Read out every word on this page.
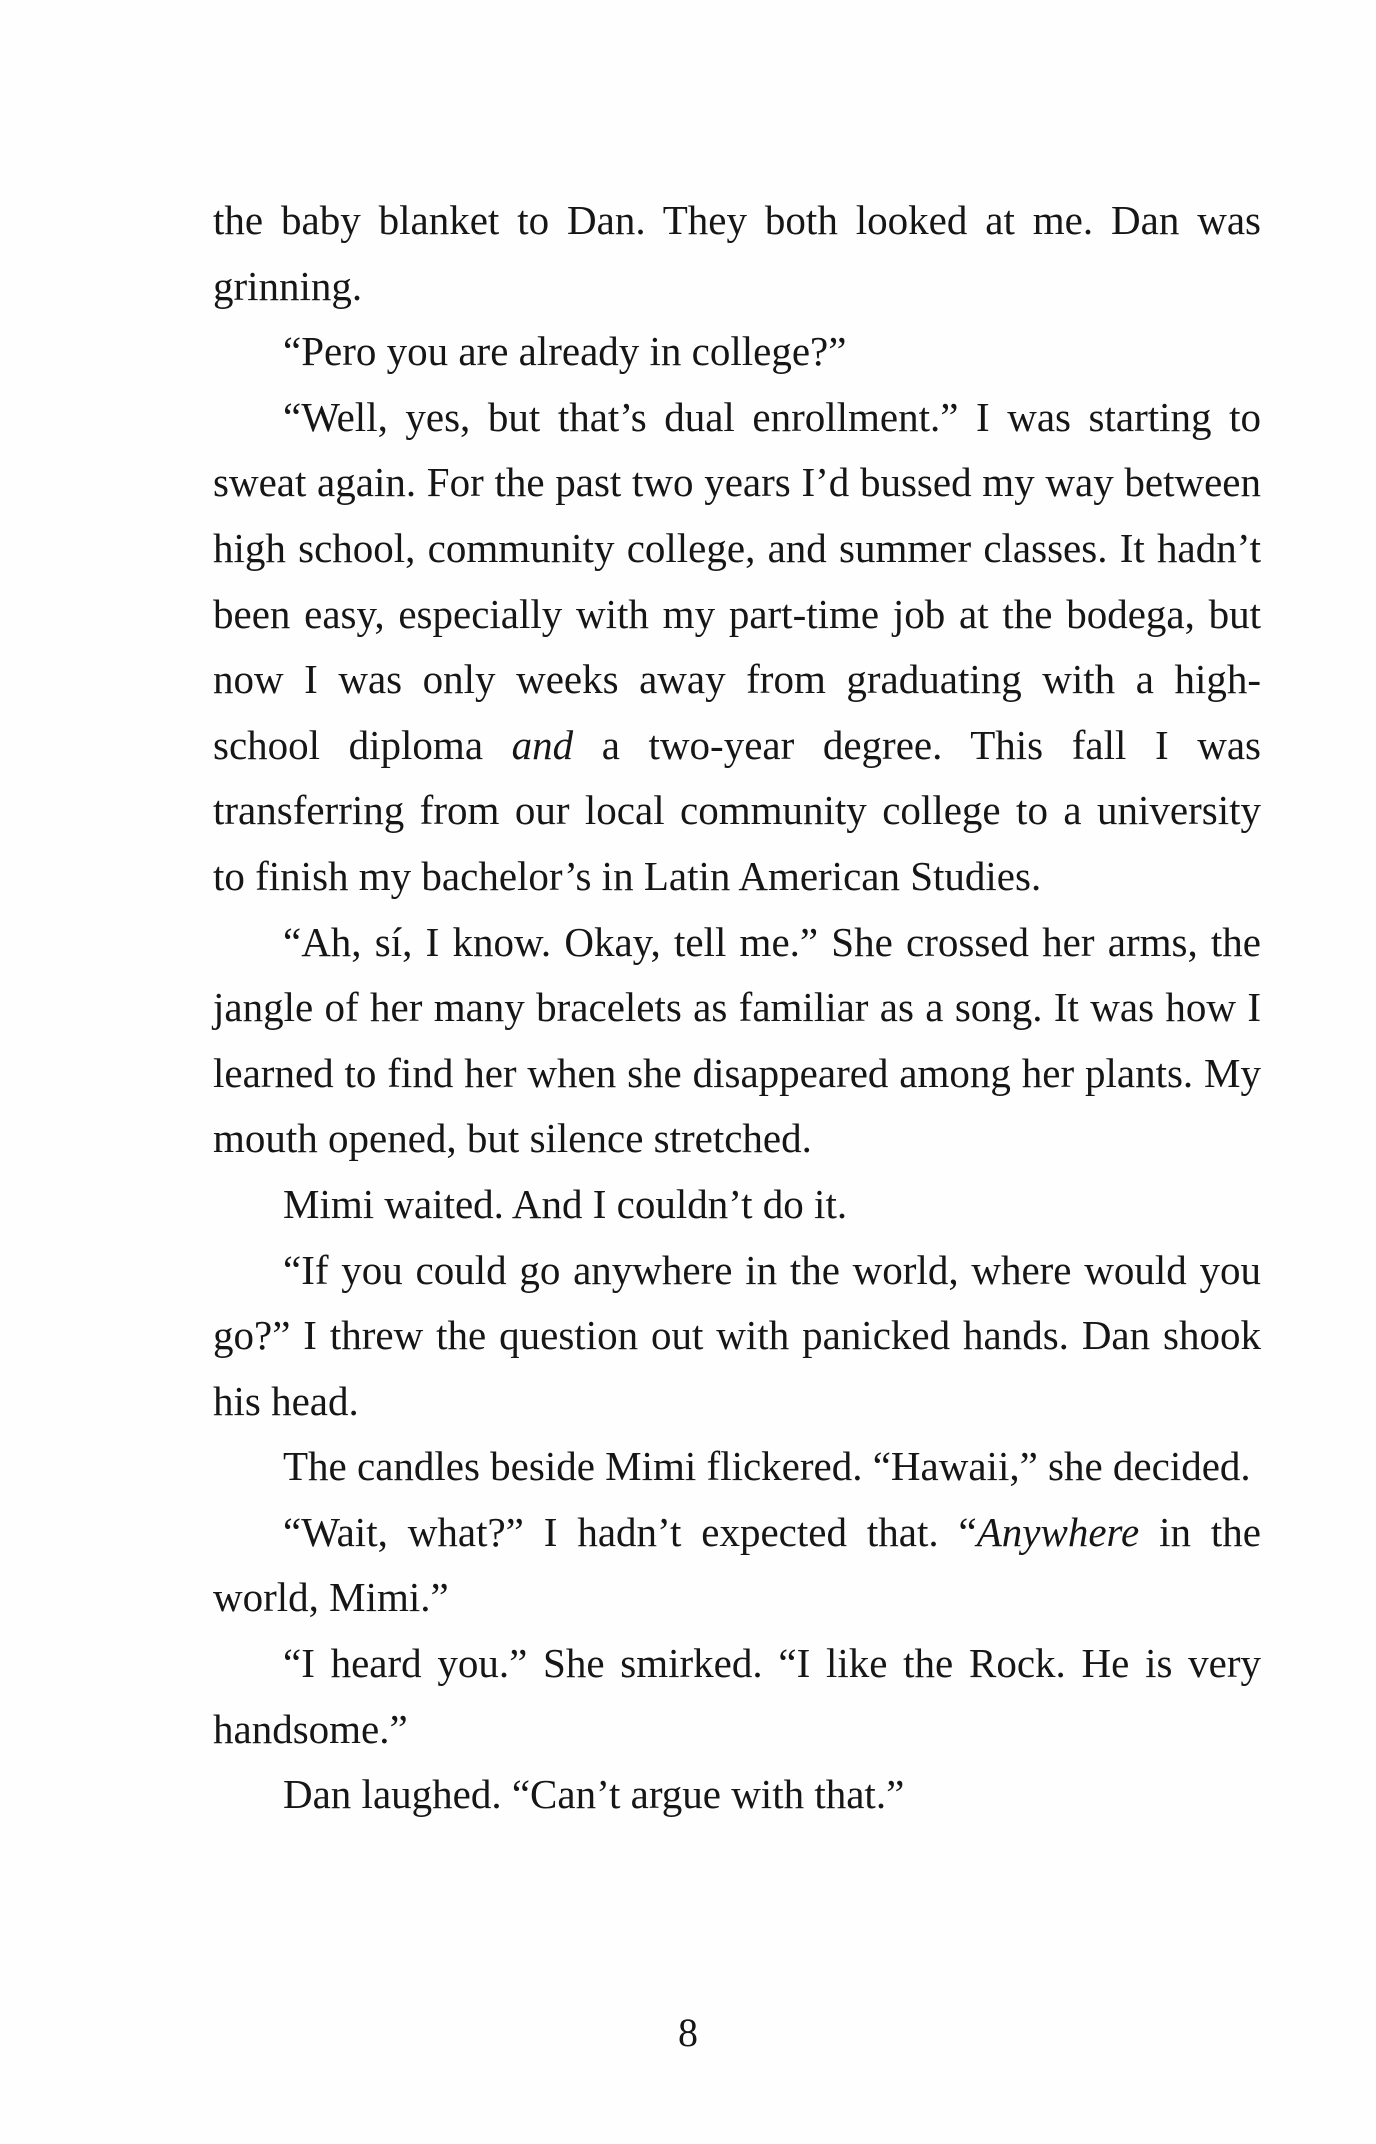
the baby blanket to Dan. They both looked at me. Dan was grinning.

“Pero you are already in college?”

“Well, yes, but that’s dual enrollment.” I was starting to sweat again. For the past two years I’d bussed my way between high school, community college, and summer classes. It hadn’t been easy, especially with my part-time job at the bodega, but now I was only weeks away from graduating with a high-school diploma and a two-year degree. This fall I was transferring from our local community college to a university to finish my bachelor’s in Latin American Studies.

“Ah, sí, I know. Okay, tell me.” She crossed her arms, the jangle of her many bracelets as familiar as a song. It was how I learned to find her when she disappeared among her plants. My mouth opened, but silence stretched.

Mimi waited. And I couldn’t do it.

“If you could go anywhere in the world, where would you go?” I threw the question out with panicked hands. Dan shook his head.

The candles beside Mimi flickered. “Hawaii,” she decided.

“Wait, what?” I hadn’t expected that. “Anywhere in the world, Mimi.”

“I heard you.” She smirked. “I like the Rock. He is very handsome.”

Dan laughed. “Can’t argue with that.”

8
